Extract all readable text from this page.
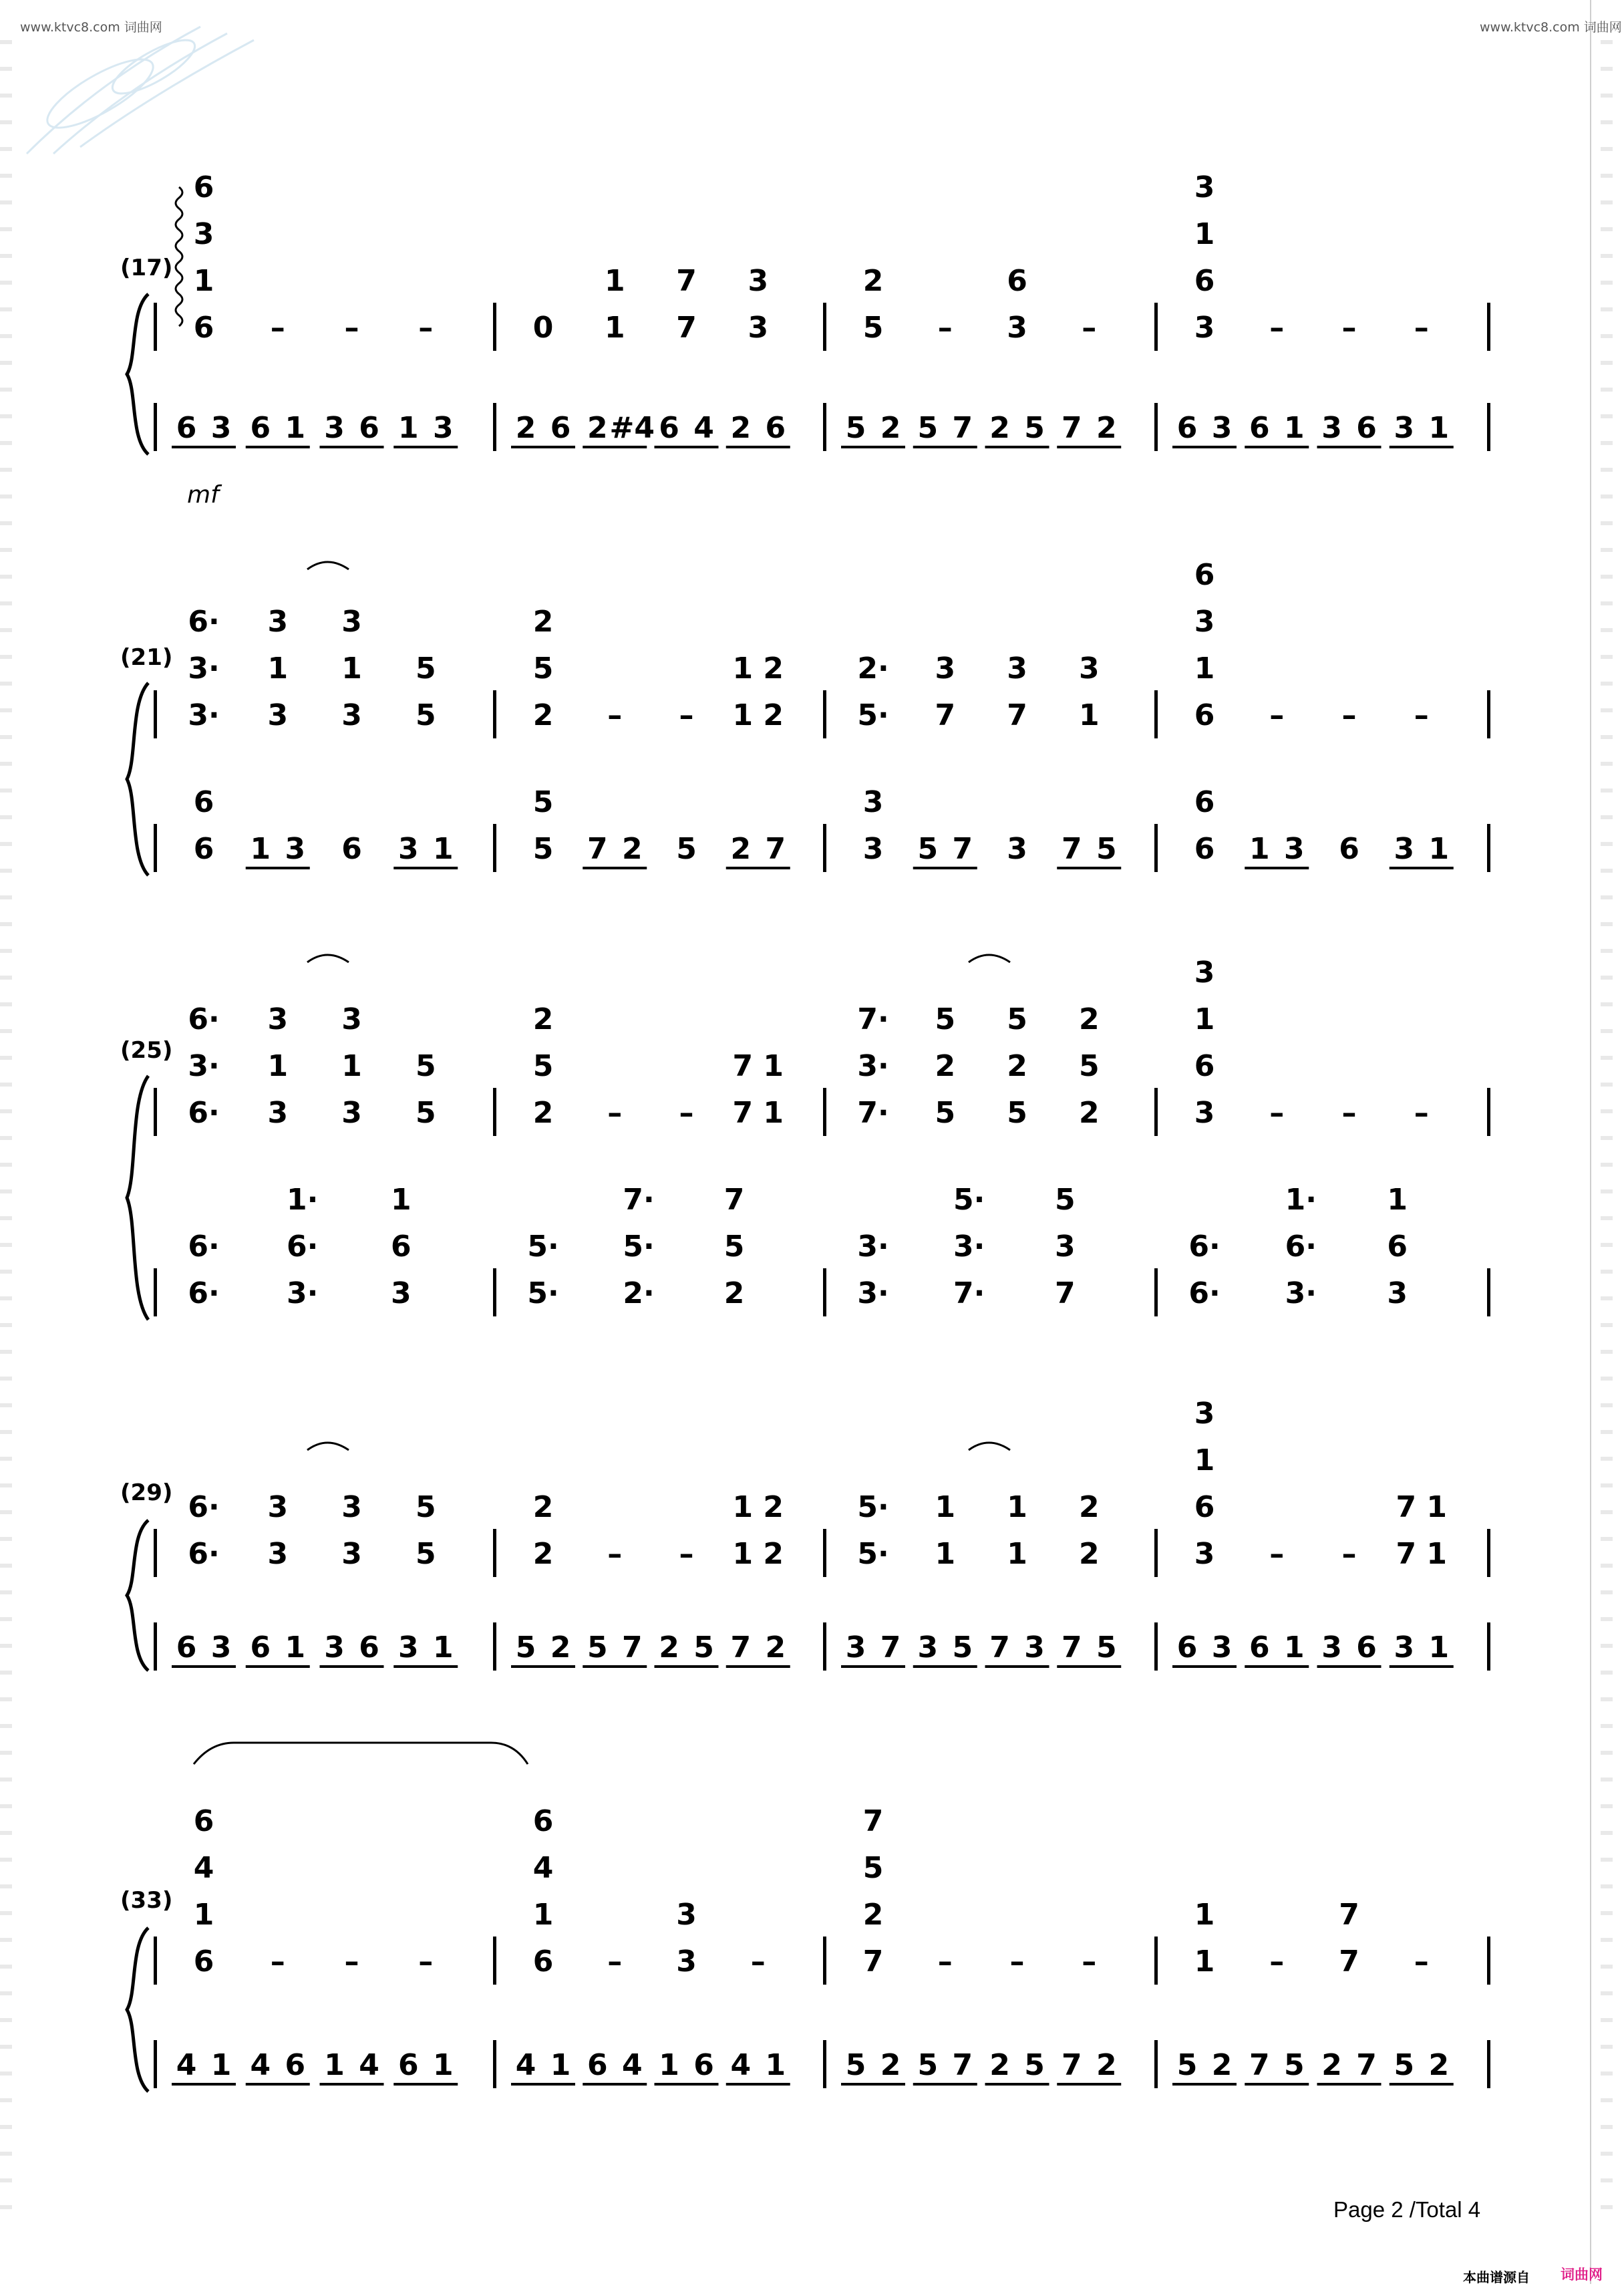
www.ktvc8.com 词曲网	www.ktvc8.com 词曲网
(17)
6
3
1
6 – – –	0
1
1
7
7
3
3
2
5 –
6
3 –
3
1
6
3 – – –
6 3 6 1 3 6 1 3 2 6 2 #4 6 4 2 6 5 2 5 7 2 5 7 2 6 3 6 1 3 6 3 1
(21)
6·
3·
3·
3
1
3
3
1
3
5
5
2
5
2 – –
1 2
1 2
2·
5·
3
7
3
7
3
1
6
3
1
6 – – –
6
6 1 3 6 3 1
5
5 7 2 5 2 7
3
3 5 7 3 7 5
6
6 1 3 6 3 1
(25)
6·
3·
6·
3
1
3
3
1
3
5
5
2
5
2 – –
7 1
7 1
7·
3·
7·
5
2
5
5
2
5
2
5
2
3
1
6
3 – – –
6·
6·
1·
6·
3·
1
6
3
5·
5·
7·
5·
2·
7
5
2
3·
3·
5·
3·
7·
5
3
7
6·
6·
1·
6·
3·
1
6
3
(29) 6·
6·
3
3
3
3
5
5
2
2 – –
1 2
1 2
5·
5·
1
1
1
1
2
2
3
1
6
3 – –
7 1
7 1
6 3 6 1 3 6 3 1 5 2 5 7 2 5 7 2 3 7 3 5 7 3 7 5 6 3 6 1 3 6 3 1
(33)
6
4
1
6 – – –
6
4
1
6 –
3
3 –
7
5
2
7 – – –
1
1 –
7
7 –
4 1 4 6 1 4 6 1 4 1 6 4 1 6 4 1 5 2 5 7 2 5 7 2 5 2 7 5 2 7 5 2
mf
Page 2 /Total 4
本曲谱源自 词曲网
